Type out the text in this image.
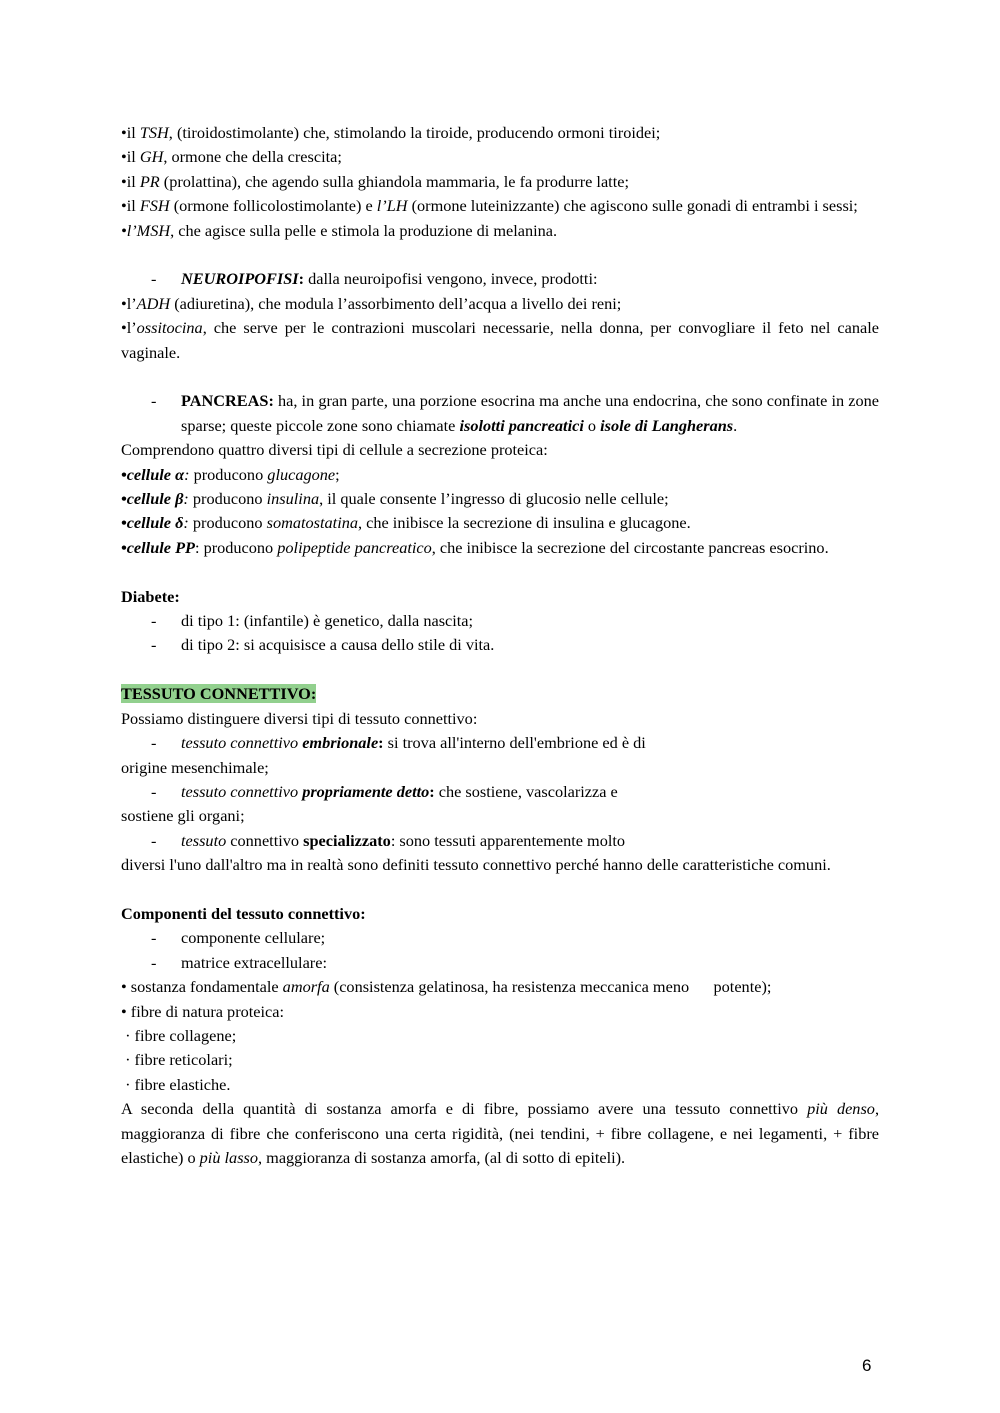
•il TSH, (tiroidostimolante) che, stimolando la tiroide, producendo ormoni tiroidei;
•il GH, ormone che della crescita;
•il PR (prolattina), che agendo sulla ghiandola mammaria, le fa produrre latte;
•il FSH (ormone follicolostimolante) e l’LH (ormone luteinizzante) che agiscono sulle gonadi di entrambi i sessi;
•l’MSH, che agisce sulla pelle e stimola la produzione di melanina.
- NEUROIPOFISI: dalla neuroipofisi vengono, invece, prodotti:
•l’ADH (adiuretina), che modula l’assorbimento dell’acqua a livello dei reni;
•l’ossitocina, che serve per le contrazioni muscolari necessarie, nella donna, per convogliare il feto nel canale vaginale.
- PANCREAS: ha, in gran parte, una porzione esocrina ma anche una endocrina, che sono confinate in zone sparse; queste piccole zone sono chiamate isolotti pancreatici o isole di Langherans.
Comprendono quattro diversi tipi di cellule a secrezione proteica:
•cellule α: producono glucagone;
•cellule β: producono insulina, il quale consente l’ingresso di glucosio nelle cellule;
•cellule δ: producono somatostatina, che inibisce la secrezione di insulina e glucagone.
•cellule PP: producono polipeptide pancreatico, che inibisce la secrezione del circostante pancreas esocrino.
Diabete:
- di tipo 1: (infantile) è genetico, dalla nascita;
- di tipo 2: si acquisisce a causa dello stile di vita.
TESSUTO CONNETTIVO:
Possiamo distinguere diversi tipi di tessuto connettivo:
- tessuto connettivo embrionale: si trova all'interno dell'embrione ed è di
origine mesenchimale;
- tessuto connettivo propriamente detto: che sostiene, vascolarizza e
sostiene gli organi;
- tessuto connettivo specializzato: sono tessuti apparentemente molto
diversi l'uno dall'altro ma in realtà sono definiti tessuto connettivo perché hanno delle caratteristiche comuni.
Componenti del tessuto connettivo:
- componente cellulare;
- matrice extracellulare:
• sostanza fondamentale amorfa (consistenza gelatinosa, ha resistenza meccanica meno      potente);
• fibre di natura proteica:
· fibre collagene;
· fibre reticolari;
· fibre elastiche.
A seconda della quantità di sostanza amorfa e di fibre, possiamo avere una tessuto connettivo più denso, maggioranza di fibre che conferiscono una certa rigidità, (nei tendini, + fibre collagene, e nei legamenti, + fibre elastiche) o più lasso, maggioranza di sostanza amorfa, (al di sotto di epiteli).
6
